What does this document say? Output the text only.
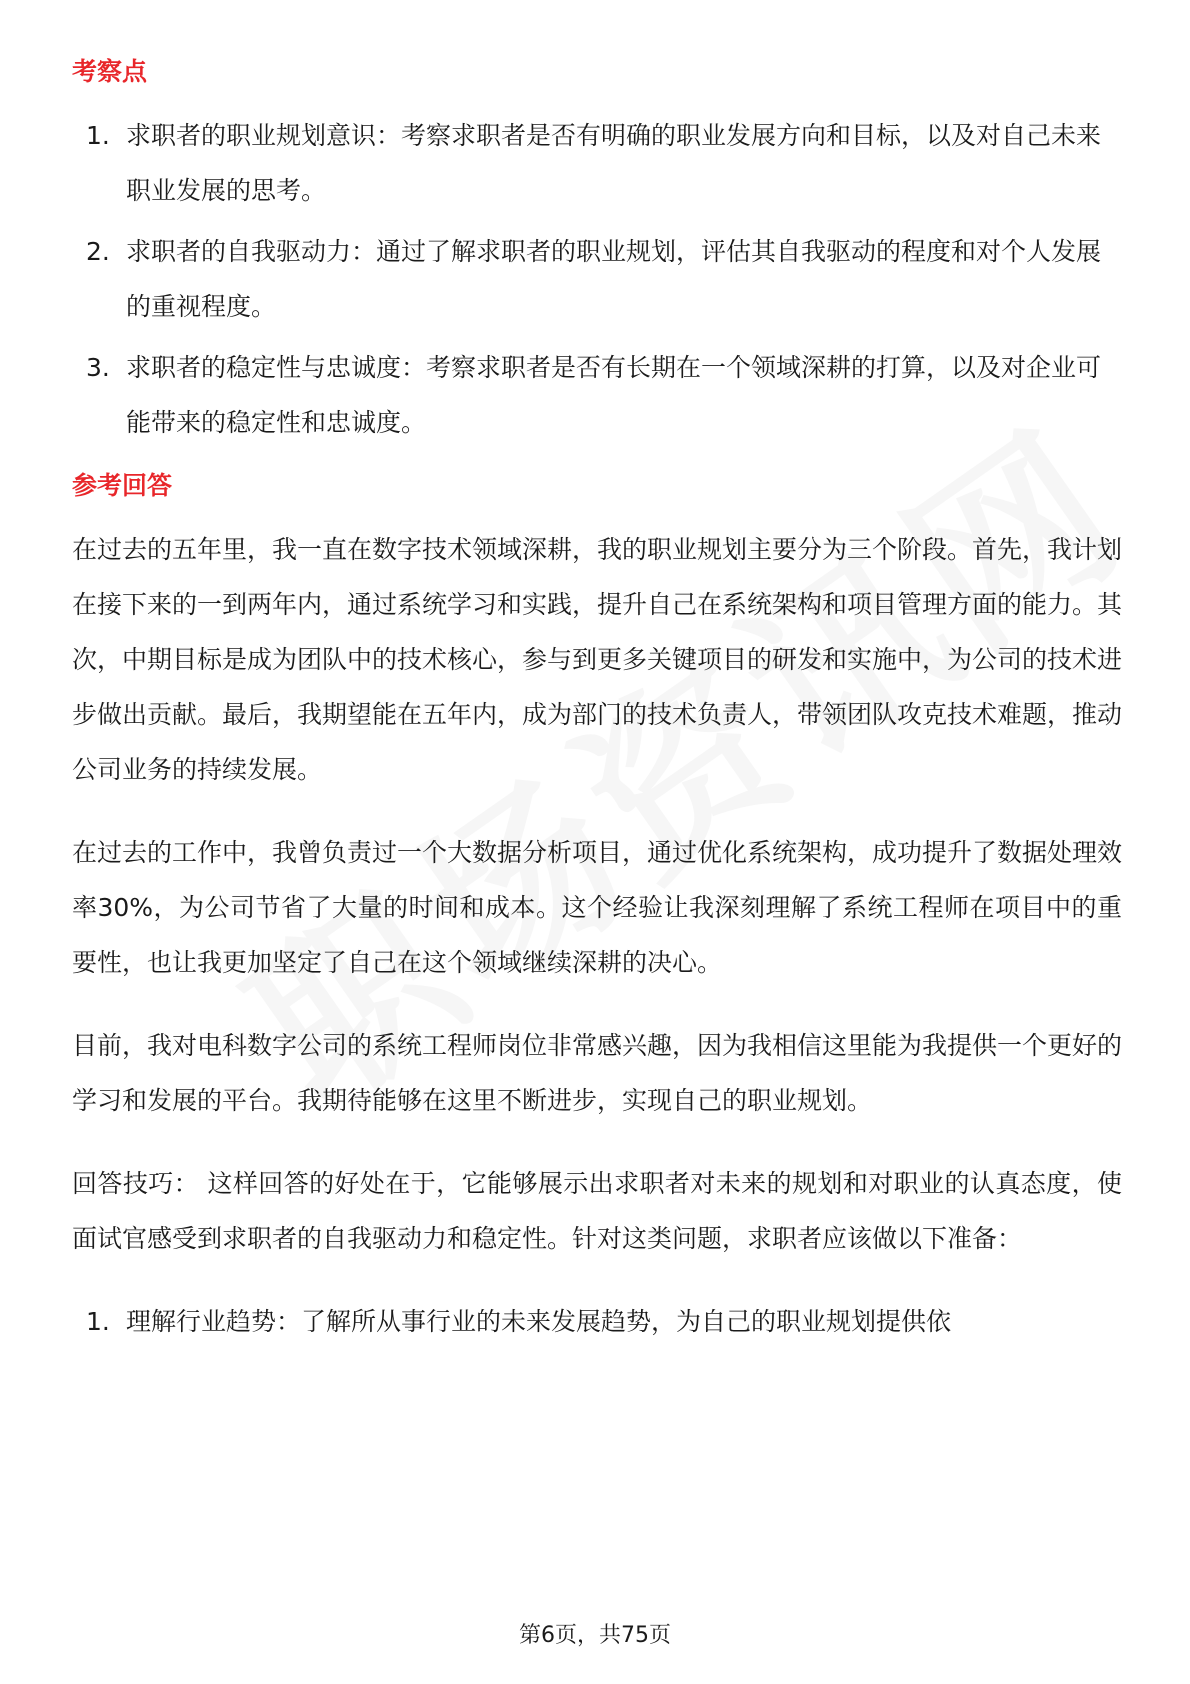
考察点
1. 求职者的职业规划意识：考察求职者是否有明确的职业发展方向和目标，以及对自己未来职业发展的思考。
2. 求职者的自我驱动力：通过了解求职者的职业规划，评估其自我驱动的程度和对个人发展的重视程度。
3. 求职者的稳定性与忠诚度：考察求职者是否有长期在一个领域深耕的打算，以及对企业可能带来的稳定性和忠诚度。
参考回答

在过去的五年里，我一直在数字技术领域深耕，我的职业规划主要分为三个阶段。首先，我计划在接下来的一到两年内，通过系统学习和实践，提升自己在系统架构和项目管理方面的能力。其次，中期目标是成为团队中的技术核心，参与到更多关键项目的研发和实施中，为公司的技术进步做出贡献。最后，我期望能在五年内，成为部门的技术负责人，带领团队攻克技术难题，推动公司业务的持续发展。

在过去的工作中，我曾负责过一个大数据分析项目，通过优化系统架构，成功提升了数据处理效率30%，为公司节省了大量的时间和成本。这个经验让我深刻理解了系统工程师在项目中的重要性，也让我更加坚定了自己在这个领域继续深耕的决心。

目前，我对电科数字公司的系统工程师岗位非常感兴趣，因为我相信这里能为我提供一个更好的学习和发展的平台。我期待能够在这里不断进步，实现自己的职业规划。

回答技巧： 这样回答的好处在于，它能够展示出求职者对未来的规划和对职业的认真态度，使面试官感受到求职者的自我驱动力和稳定性。针对这类问题，求职者应该做以下准备：

1. 理解行业趋势：了解所从事行业的未来发展趋势，为自己的职业规划提供依
第6页，共75页
